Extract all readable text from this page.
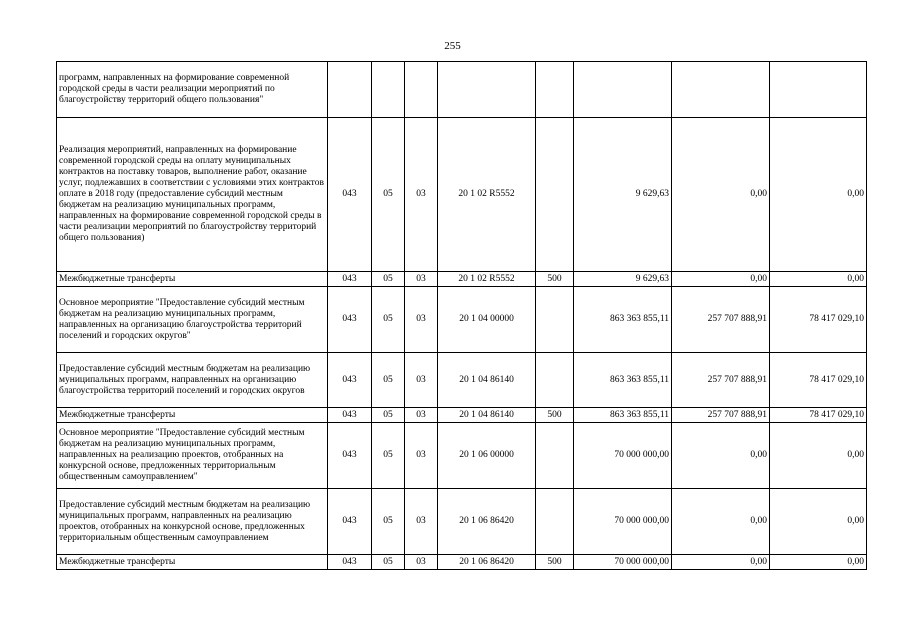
255
программ, направленных на формирование современной городской среды в части реализации мероприятий по благоустройству территорий общего пользования"								
Реализация мероприятий, направленных на формирование современной городской среды на оплату муниципальных контрактов на поставку товаров, выполнение работ, оказание услуг, подлежавших в соответствии с условиями этих контрактов оплате в 2018 году (предоставление субсидий местным бюджетам на реализацию муниципальных программ, направленных на формирование современной городской среды в части реализации мероприятий по благоустройству территорий общего пользования)	043	05	03	20 1 02 R5552		9 629,63	0,00	0,00
Межбюджетные трансферты	043	05	03	20 1 02 R5552	500	9 629,63	0,00	0,00
Основное мероприятие "Предоставление субсидий местным бюджетам на реализацию муниципальных программ, направленных на организацию благоустройства территорий поселений и городских округов"	043	05	03	20 1 04 00000		863 363 855,11	257 707 888,91	78 417 029,10
Предоставление субсидий местным бюджетам на реализацию муниципальных программ, направленных на организацию благоустройства территорий поселений и городских округов	043	05	03	20 1 04 86140		863 363 855,11	257 707 888,91	78 417 029,10
Межбюджетные трансферты	043	05	03	20 1 04 86140	500	863 363 855,11	257 707 888,91	78 417 029,10
Основное мероприятие "Предоставление субсидий местным бюджетам на реализацию муниципальных программ, направленных на реализацию проектов, отобранных на конкурсной основе, предложенных территориальным общественным самоуправлением"	043	05	03	20 1 06 00000		70 000 000,00	0,00	0,00
Предоставление субсидий местным бюджетам на реализацию муниципальных программ, направленных на реализацию проектов, отобранных на конкурсной основе, предложенных территориальным общественным самоуправлением	043	05	03	20 1 06 86420		70 000 000,00	0,00	0,00
Межбюджетные трансферты	043	05	03	20 1 06 86420	500	70 000 000,00	0,00	0,00
